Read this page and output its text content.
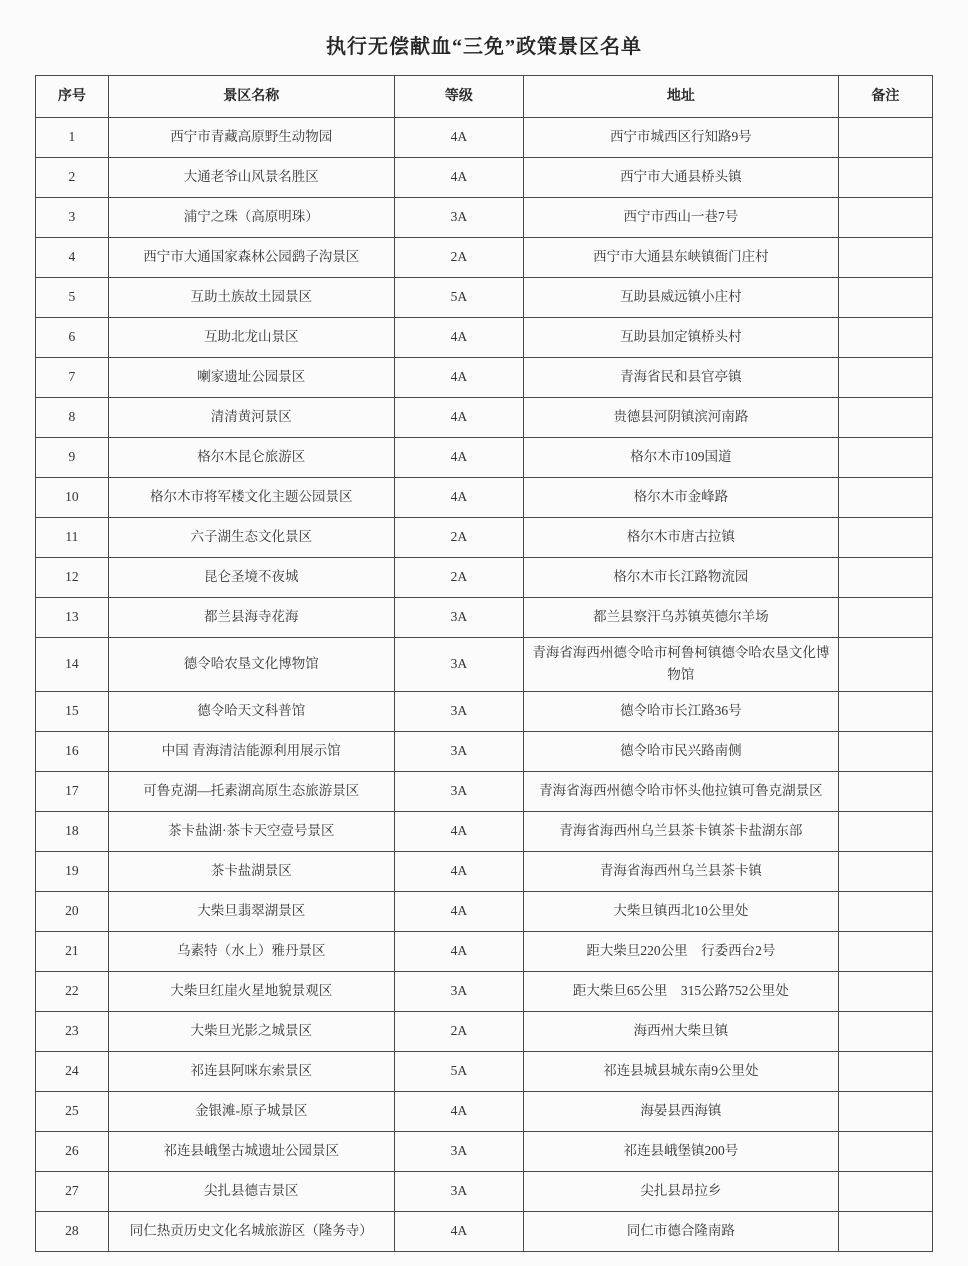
执行无偿献血“三免”政策景区名单
序号	景区名称	等级	地址	备注
1	西宁市青藏高原野生动物园	4A	西宁市城西区行知路9号	
2	大通老爷山风景名胜区	4A	西宁市大通县桥头镇	
3	浦宁之珠（高原明珠）	3A	西宁市西山一巷7号	
4	西宁市大通国家森林公园鹞子沟景区	2A	西宁市大通县东峡镇衙门庄村	
5	互助土族故土园景区	5A	互助县威远镇小庄村	
6	互助北龙山景区	4A	互助县加定镇桥头村	
7	喇家遗址公园景区	4A	青海省民和县官亭镇	
8	清清黄河景区	4A	贵德县河阴镇滨河南路	
9	格尔木昆仑旅游区	4A	格尔木市109国道	
10	格尔木市将军楼文化主题公园景区	4A	格尔木市金峰路	
11	六子湖生态文化景区	2A	格尔木市唐古拉镇	
12	昆仑圣境不夜城	2A	格尔木市长江路物流园	
13	都兰县海寺花海	3A	都兰县察汗乌苏镇英德尔羊场	
14	德令哈农垦文化博物馆	3A	青海省海西州德令哈市柯鲁柯镇德令哈农垦文化博物馆	
15	德令哈天文科普馆	3A	德令哈市长江路36号	
16	中国 青海清洁能源利用展示馆	3A	德令哈市民兴路南侧	
17	可鲁克湖—托素湖高原生态旅游景区	3A	青海省海西州德令哈市怀头他拉镇可鲁克湖景区	
18	茶卡盐湖·茶卡天空壹号景区	4A	青海省海西州乌兰县茶卡镇茶卡盐湖东部	
19	茶卡盐湖景区	4A	青海省海西州乌兰县茶卡镇	
20	大柴旦翡翠湖景区	4A	大柴旦镇西北10公里处	
21	乌素特（水上）雅丹景区	4A	距大柴旦220公里　行委西台2号	
22	大柴旦红崖火星地貌景观区	3A	距大柴旦65公里　315公路752公里处	
23	大柴旦光影之城景区	2A	海西州大柴旦镇	
24	祁连县阿咪东索景区	5A	祁连县城县城东南9公里处	
25	金银滩-原子城景区	4A	海晏县西海镇	
26	祁连县峨堡古城遗址公园景区	3A	祁连县峨堡镇200号	
27	尖扎县德吉景区	3A	尖扎县昂拉乡	
28	同仁热贡历史文化名城旅游区（隆务寺）	4A	同仁市德合隆南路	
